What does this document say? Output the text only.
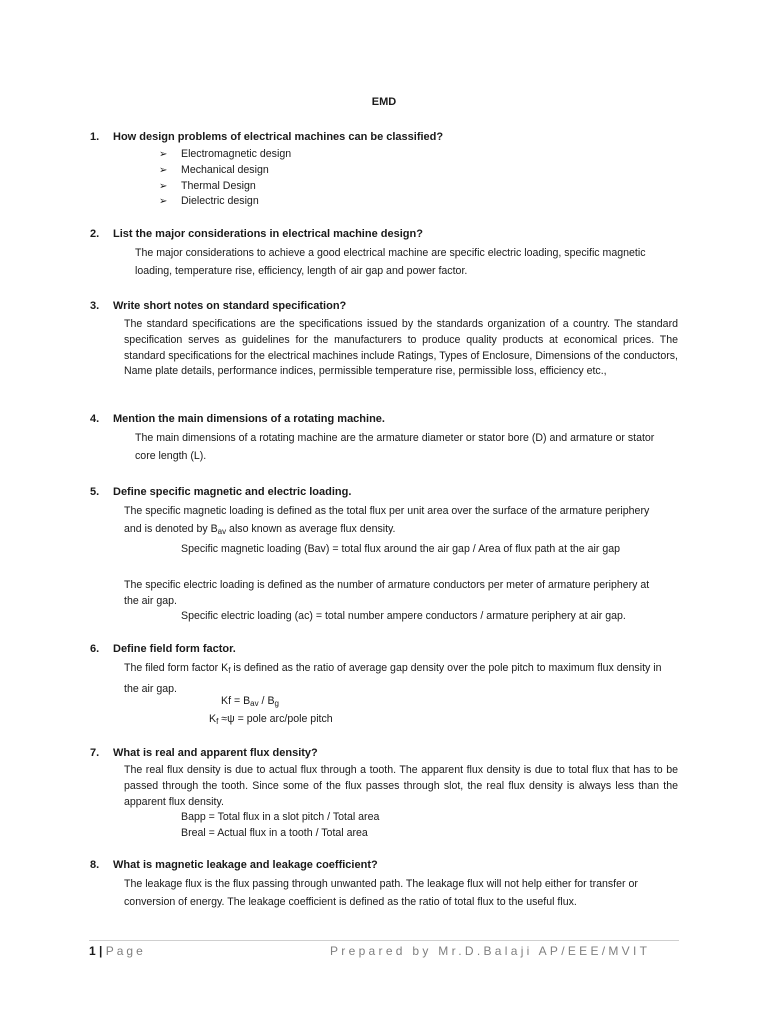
EMD
1. How design problems of electrical machines can be classified?
➢ Electromagnetic design
➢ Mechanical design
➢ Thermal Design
➢ Dielectric design
2. List the major considerations in electrical machine design?
The major considerations to achieve a good electrical machine are specific electric loading, specific magnetic loading, temperature rise, efficiency, length of air gap and power factor.
3. Write short notes on standard specification?
The standard specifications are the specifications issued by the standards organization of a country. The standard specification serves as guidelines for the manufacturers to produce quality products at economical prices. The standard specifications for the electrical machines include Ratings, Types of Enclosure, Dimensions of the conductors, Name plate details, performance indices, permissible temperature rise, permissible loss, efficiency etc.,
4. Mention the main dimensions of a rotating machine.
The main dimensions of a rotating machine are the armature diameter or stator bore (D) and armature or stator core length (L).
5. Define specific magnetic and electric loading.
The specific magnetic loading is defined as the total flux per unit area over the surface of the armature periphery and is denoted by $B_{av}$ also known as average flux density.
Specific magnetic loading (Bav) = total flux around the air gap / Area of flux path at the air gap
The specific electric loading is defined as the number of armature conductors per meter of armature periphery at the air gap.
Specific electric loading (ac) = total number ampere conductors / armature periphery at air gap.
6. Define field form factor.
The filed form factor $K_f$ is defined as the ratio of average gap density over the pole pitch to maximum flux density in the air gap.
$Kf = B_{av} / B_g$
$K_f \approx\psi$ = pole arc/pole pitch
7. What is real and apparent flux density?
The real flux density is due to actual flux through a tooth. The apparent flux density is due to total flux that has to be passed through the tooth. Since some of the flux passes through slot, the real flux density is always less than the apparent flux density.
Bapp = Total flux in a slot pitch / Total area
Breal = Actual flux in a tooth / Total area
8. What is magnetic leakage and leakage coefficient?
The leakage flux is the flux passing through unwanted path. The leakage flux will not help either for transfer or conversion of energy. The leakage coefficient is defined as the ratio of total flux to the useful flux.
1 | Page	Prepared by Mr.D.Balaji AP/EEE/MVIT
